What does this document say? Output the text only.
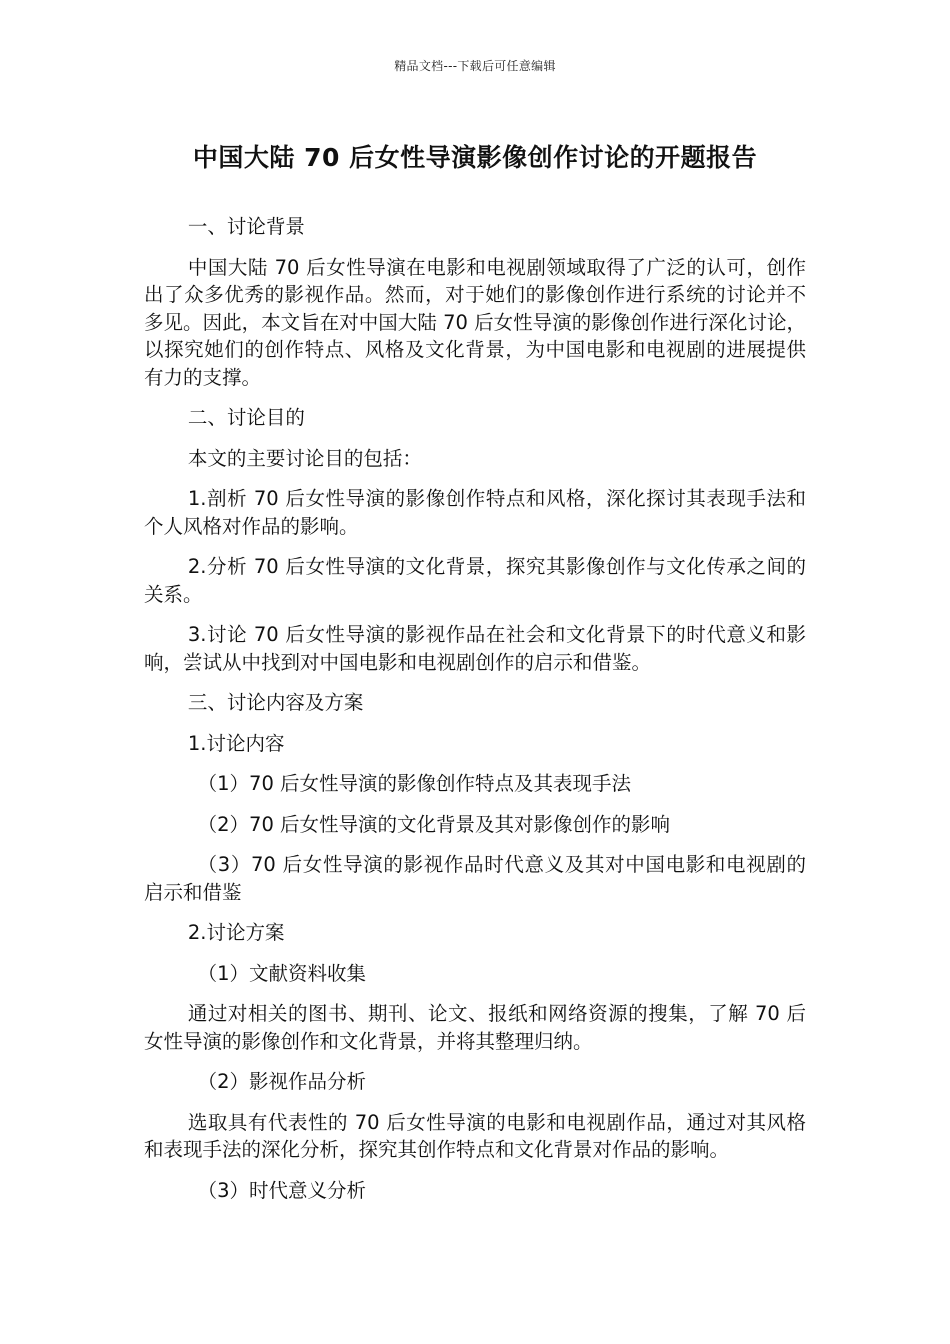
精品文档---下载后可任意编辑
中国大陆 70 后女性导演影像创作讨论的开题报告

一、讨论背景

中国大陆 70 后女性导演在电影和电视剧领域取得了广泛的认可，创作出了众多优秀的影视作品。然而，对于她们的影像创作进行系统的讨论并不多见。因此，本文旨在对中国大陆 70 后女性导演的影像创作进行深化讨论，以探究她们的创作特点、风格及文化背景，为中国电影和电视剧的进展提供有力的支撑。

二、讨论目的

本文的主要讨论目的包括：

1.剖析 70 后女性导演的影像创作特点和风格，深化探讨其表现手法和个人风格对作品的影响。

2.分析 70 后女性导演的文化背景，探究其影像创作与文化传承之间的关系。

3.讨论 70 后女性导演的影视作品在社会和文化背景下的时代意义和影响，尝试从中找到对中国电影和电视剧创作的启示和借鉴。

三、讨论内容及方案

1.讨论内容

（1）70 后女性导演的影像创作特点及其表现手法

（2）70 后女性导演的文化背景及其对影像创作的影响

（3）70 后女性导演的影视作品时代意义及其对中国电影和电视剧的启示和借鉴

2.讨论方案

（1）文献资料收集

通过对相关的图书、期刊、论文、报纸和网络资源的搜集，了解 70 后女性导演的影像创作和文化背景，并将其整理归纳。

（2）影视作品分析

选取具有代表性的 70 后女性导演的电影和电视剧作品，通过对其风格和表现手法的深化分析，探究其创作特点和文化背景对作品的影响。

（3）时代意义分析
